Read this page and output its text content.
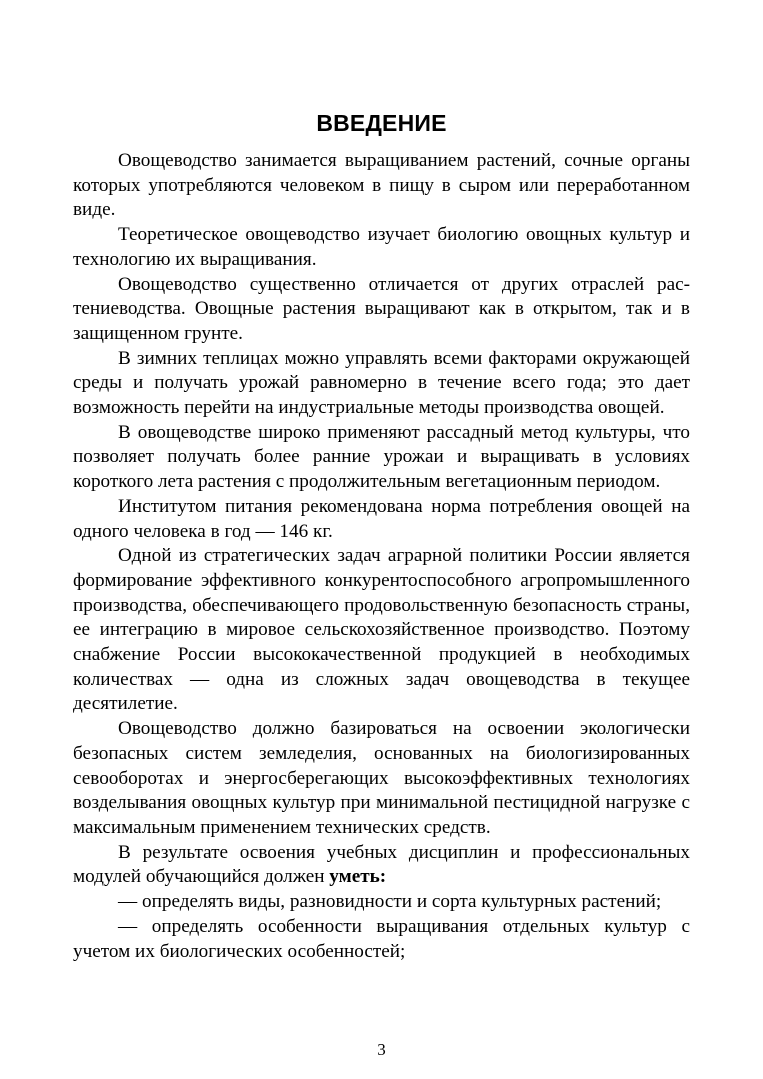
ВВЕДЕНИЕ

Овощеводство занимается выращиванием растений, сочные органы которых употребляются человеком в пищу в сыром или переработанном виде.

Теоретическое овощеводство изучает биологию овощных культур и технологию их выращивания.

Овощеводство существенно отличается от других отраслей растениеводства. Овощные растения выращивают как в открытом, так и в защищенном грунте.

В зимних теплицах можно управлять всеми факторами окружающей среды и получать урожай равномерно в течение всего года; это дает возможность перейти на индустриальные методы производства овощей.

В овощеводстве широко применяют рассадный метод культуры, что позволяет получать более ранние урожаи и выращивать в условиях короткого лета растения с продолжительным вегетационным периодом.

Институтом питания рекомендована норма потребления овощей на одного человека в год — 146 кг.

Одной из стратегических задач аграрной политики России является формирование эффективного конкурентоспособного агропромышленного производства, обеспечивающего продовольственную безопасность страны, ее интеграцию в мировое сельскохозяйственное производство. Поэтому снабжение России высококачественной продукцией в необходимых количествах — одна из сложных задач овощеводства в текущее десятилетие.

Овощеводство должно базироваться на освоении экологически безопасных систем земледелия, основанных на биологизированных севооборотах и энергосберегающих высокоэффективных технологиях возделывания овощных культур при минимальной пестицидной нагрузке с максимальным применением технических средств.

В результате освоения учебных дисциплин и профессиональных модулей обучающийся должен уметь:

— определять виды, разновидности и сорта культурных растений;

— определять особенности выращивания отдельных культур с учетом их биологических особенностей;

3
